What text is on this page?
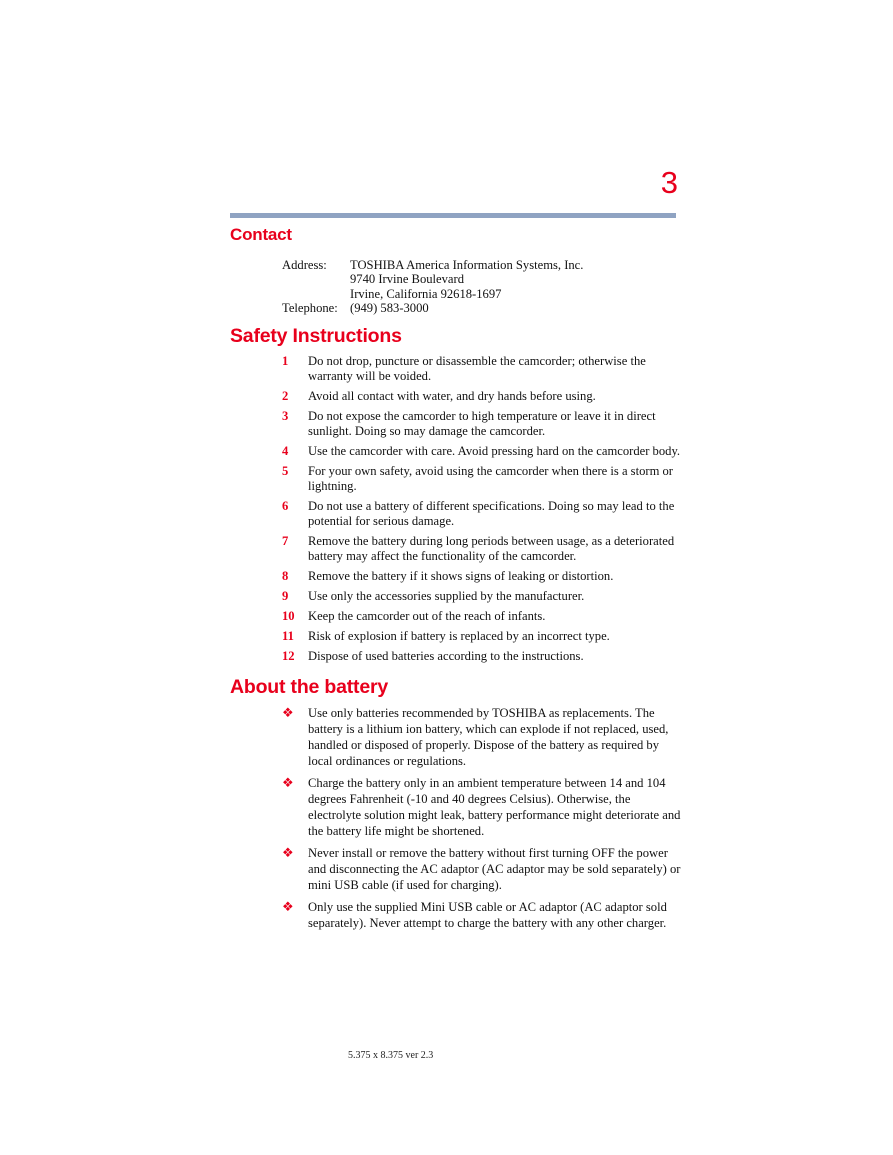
3
Contact
Address:	TOSHIBA America Information Systems, Inc.
9740 Irvine Boulevard
Irvine, California 92618-1697
Telephone: (949) 583-3000
Safety Instructions
1	Do not drop, puncture or disassemble the camcorder; otherwise the warranty will be voided.
2	Avoid all contact with water, and dry hands before using.
3	Do not expose the camcorder to high temperature or leave it in direct sunlight. Doing so may damage the camcorder.
4	Use the camcorder with care. Avoid pressing hard on the camcorder body.
5	For your own safety, avoid using the camcorder when there is a storm or lightning.
6	Do not use a battery of different specifications. Doing so may lead to the potential for serious damage.
7	Remove the battery during long periods between usage, as a deteriorated battery may affect the functionality of the camcorder.
8	Remove the battery if it shows signs of leaking or distortion.
9	Use only the accessories supplied by the manufacturer.
10	Keep the camcorder out of the reach of infants.
11	Risk of explosion if battery is replaced by an incorrect type.
12	Dispose of used batteries according to the instructions.
About the battery
❖	Use only batteries recommended by TOSHIBA as replacements. The battery is a lithium ion battery, which can explode if not replaced, used, handled or disposed of properly. Dispose of the battery as required by local ordinances or regulations.
❖	Charge the battery only in an ambient temperature between 14 and 104 degrees Fahrenheit (-10 and 40 degrees Celsius). Otherwise, the electrolyte solution might leak, battery performance might deteriorate and the battery life might be shortened.
❖	Never install or remove the battery without first turning OFF the power and disconnecting the AC adaptor (AC adaptor may be sold separately) or mini USB cable (if used for charging).
❖	Only use the supplied Mini USB cable or AC adaptor (AC adaptor sold separately). Never attempt to charge the battery with any other charger.
5.375 x 8.375 ver 2.3
